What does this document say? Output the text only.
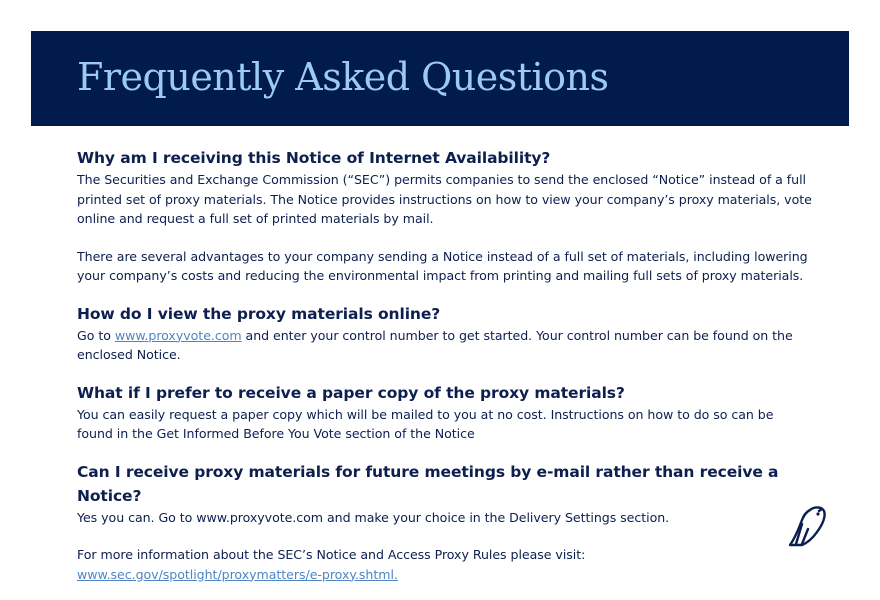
Frequently Asked Questions
Why am I receiving this Notice of Internet Availability?

The Securities and Exchange Commission (“SEC”) permits companies to send the enclosed “Notice” instead of a full printed set of proxy materials. The Notice provides instructions on how to view your company’s proxy materials, vote online and request a full set of printed materials by mail.

There are several advantages to your company sending a Notice instead of a full set of materials, including lowering your company’s costs and reducing the environmental impact from printing and mailing full sets of proxy materials.

How do I view the proxy materials online?

Go to www.proxyvote.com and enter your control number to get started. Your control number can be found on the enclosed Notice.

What if I prefer to receive a paper copy of the proxy materials?

You can easily request a paper copy which will be mailed to you at no cost. Instructions on how to do so can be found in the Get Informed Before You Vote section of the Notice

Can I receive proxy materials for future meetings by e-mail rather than receive a Notice?

Yes you can. Go to www.proxyvote.com and make your choice in the Delivery Settings section.

For more information about the SEC’s Notice and Access Proxy Rules please visit:

www.sec.gov/spotlight/proxymatters/e-proxy.shtml.
